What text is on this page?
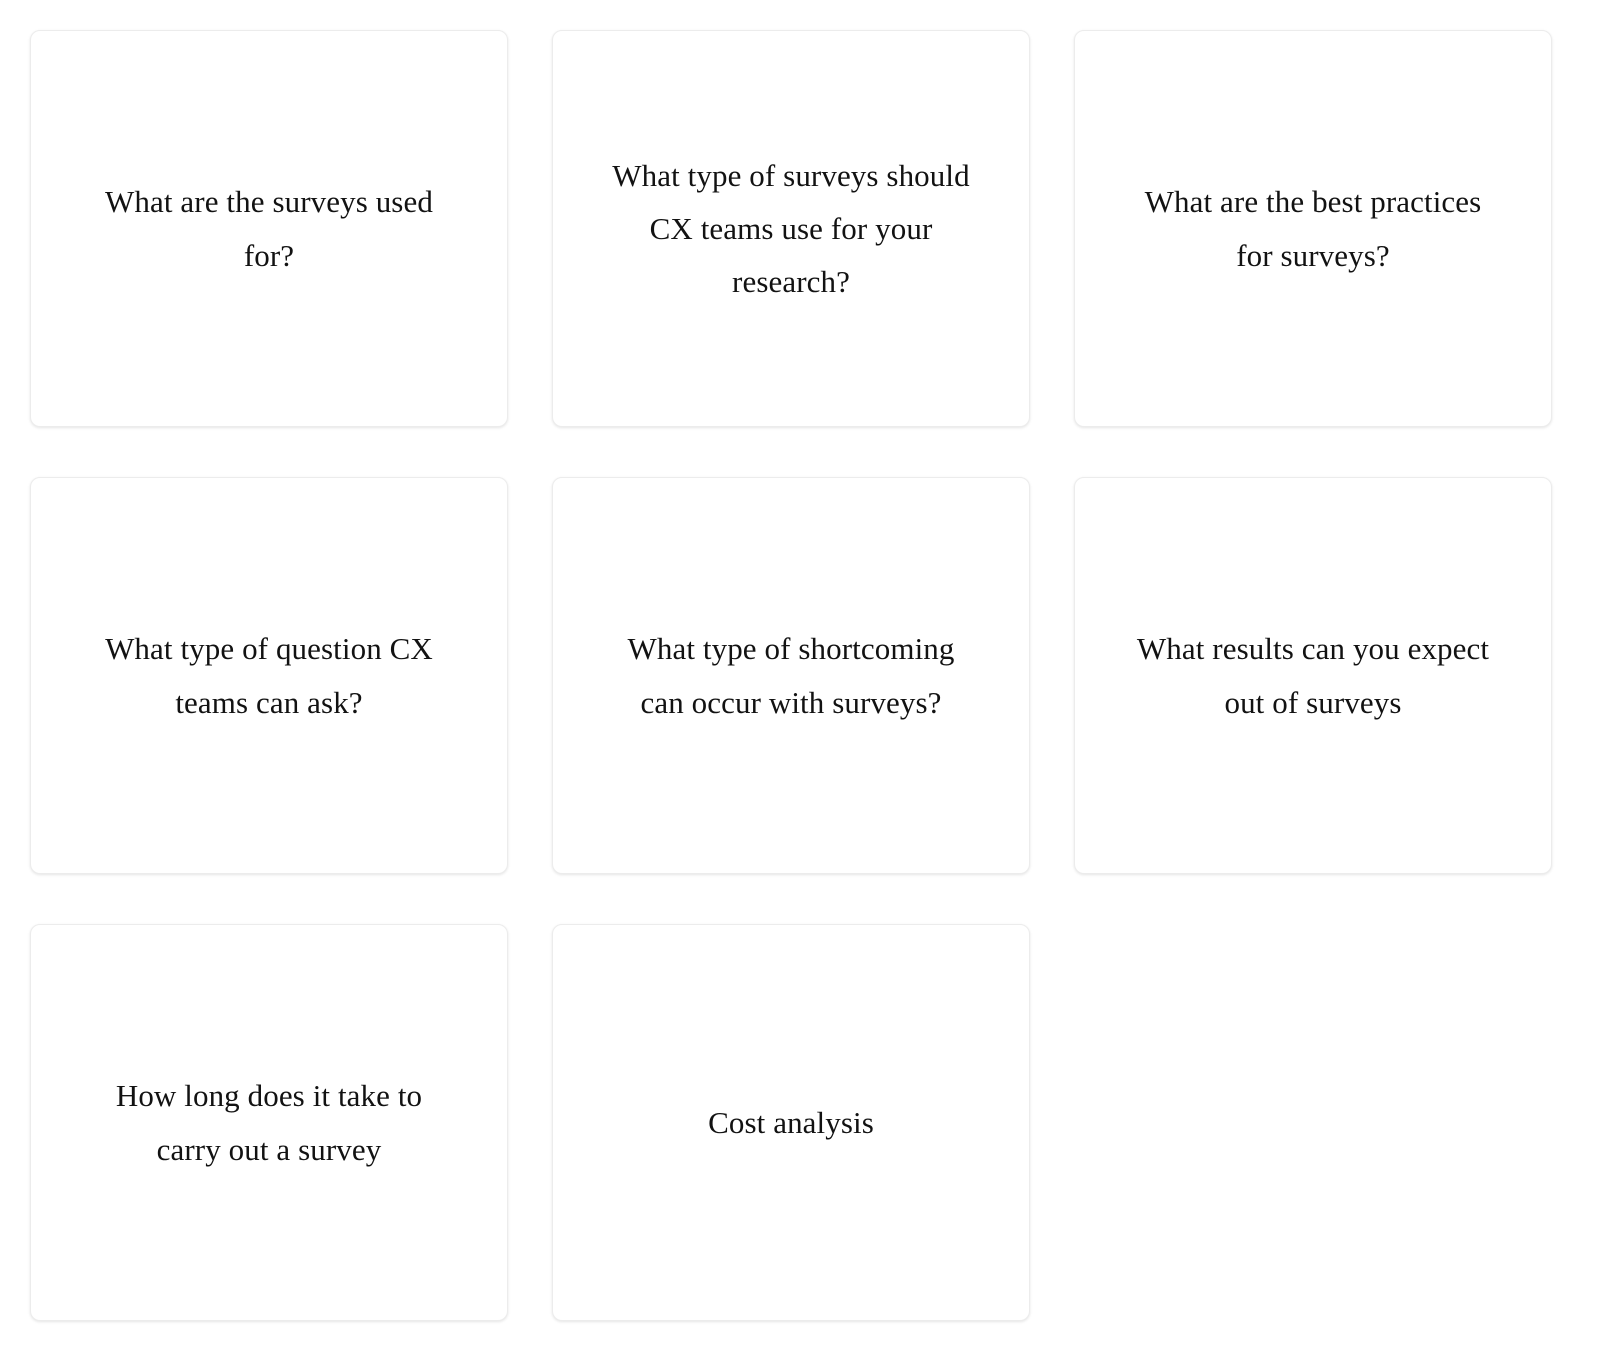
What are the surveys used for?
What type of surveys should CX teams use for your research?
What are the best practices for surveys?
What type of question CX teams can ask?
What type of shortcoming can occur with surveys?
What results can you expect out of surveys
How long does it take to carry out a survey
Cost analysis
